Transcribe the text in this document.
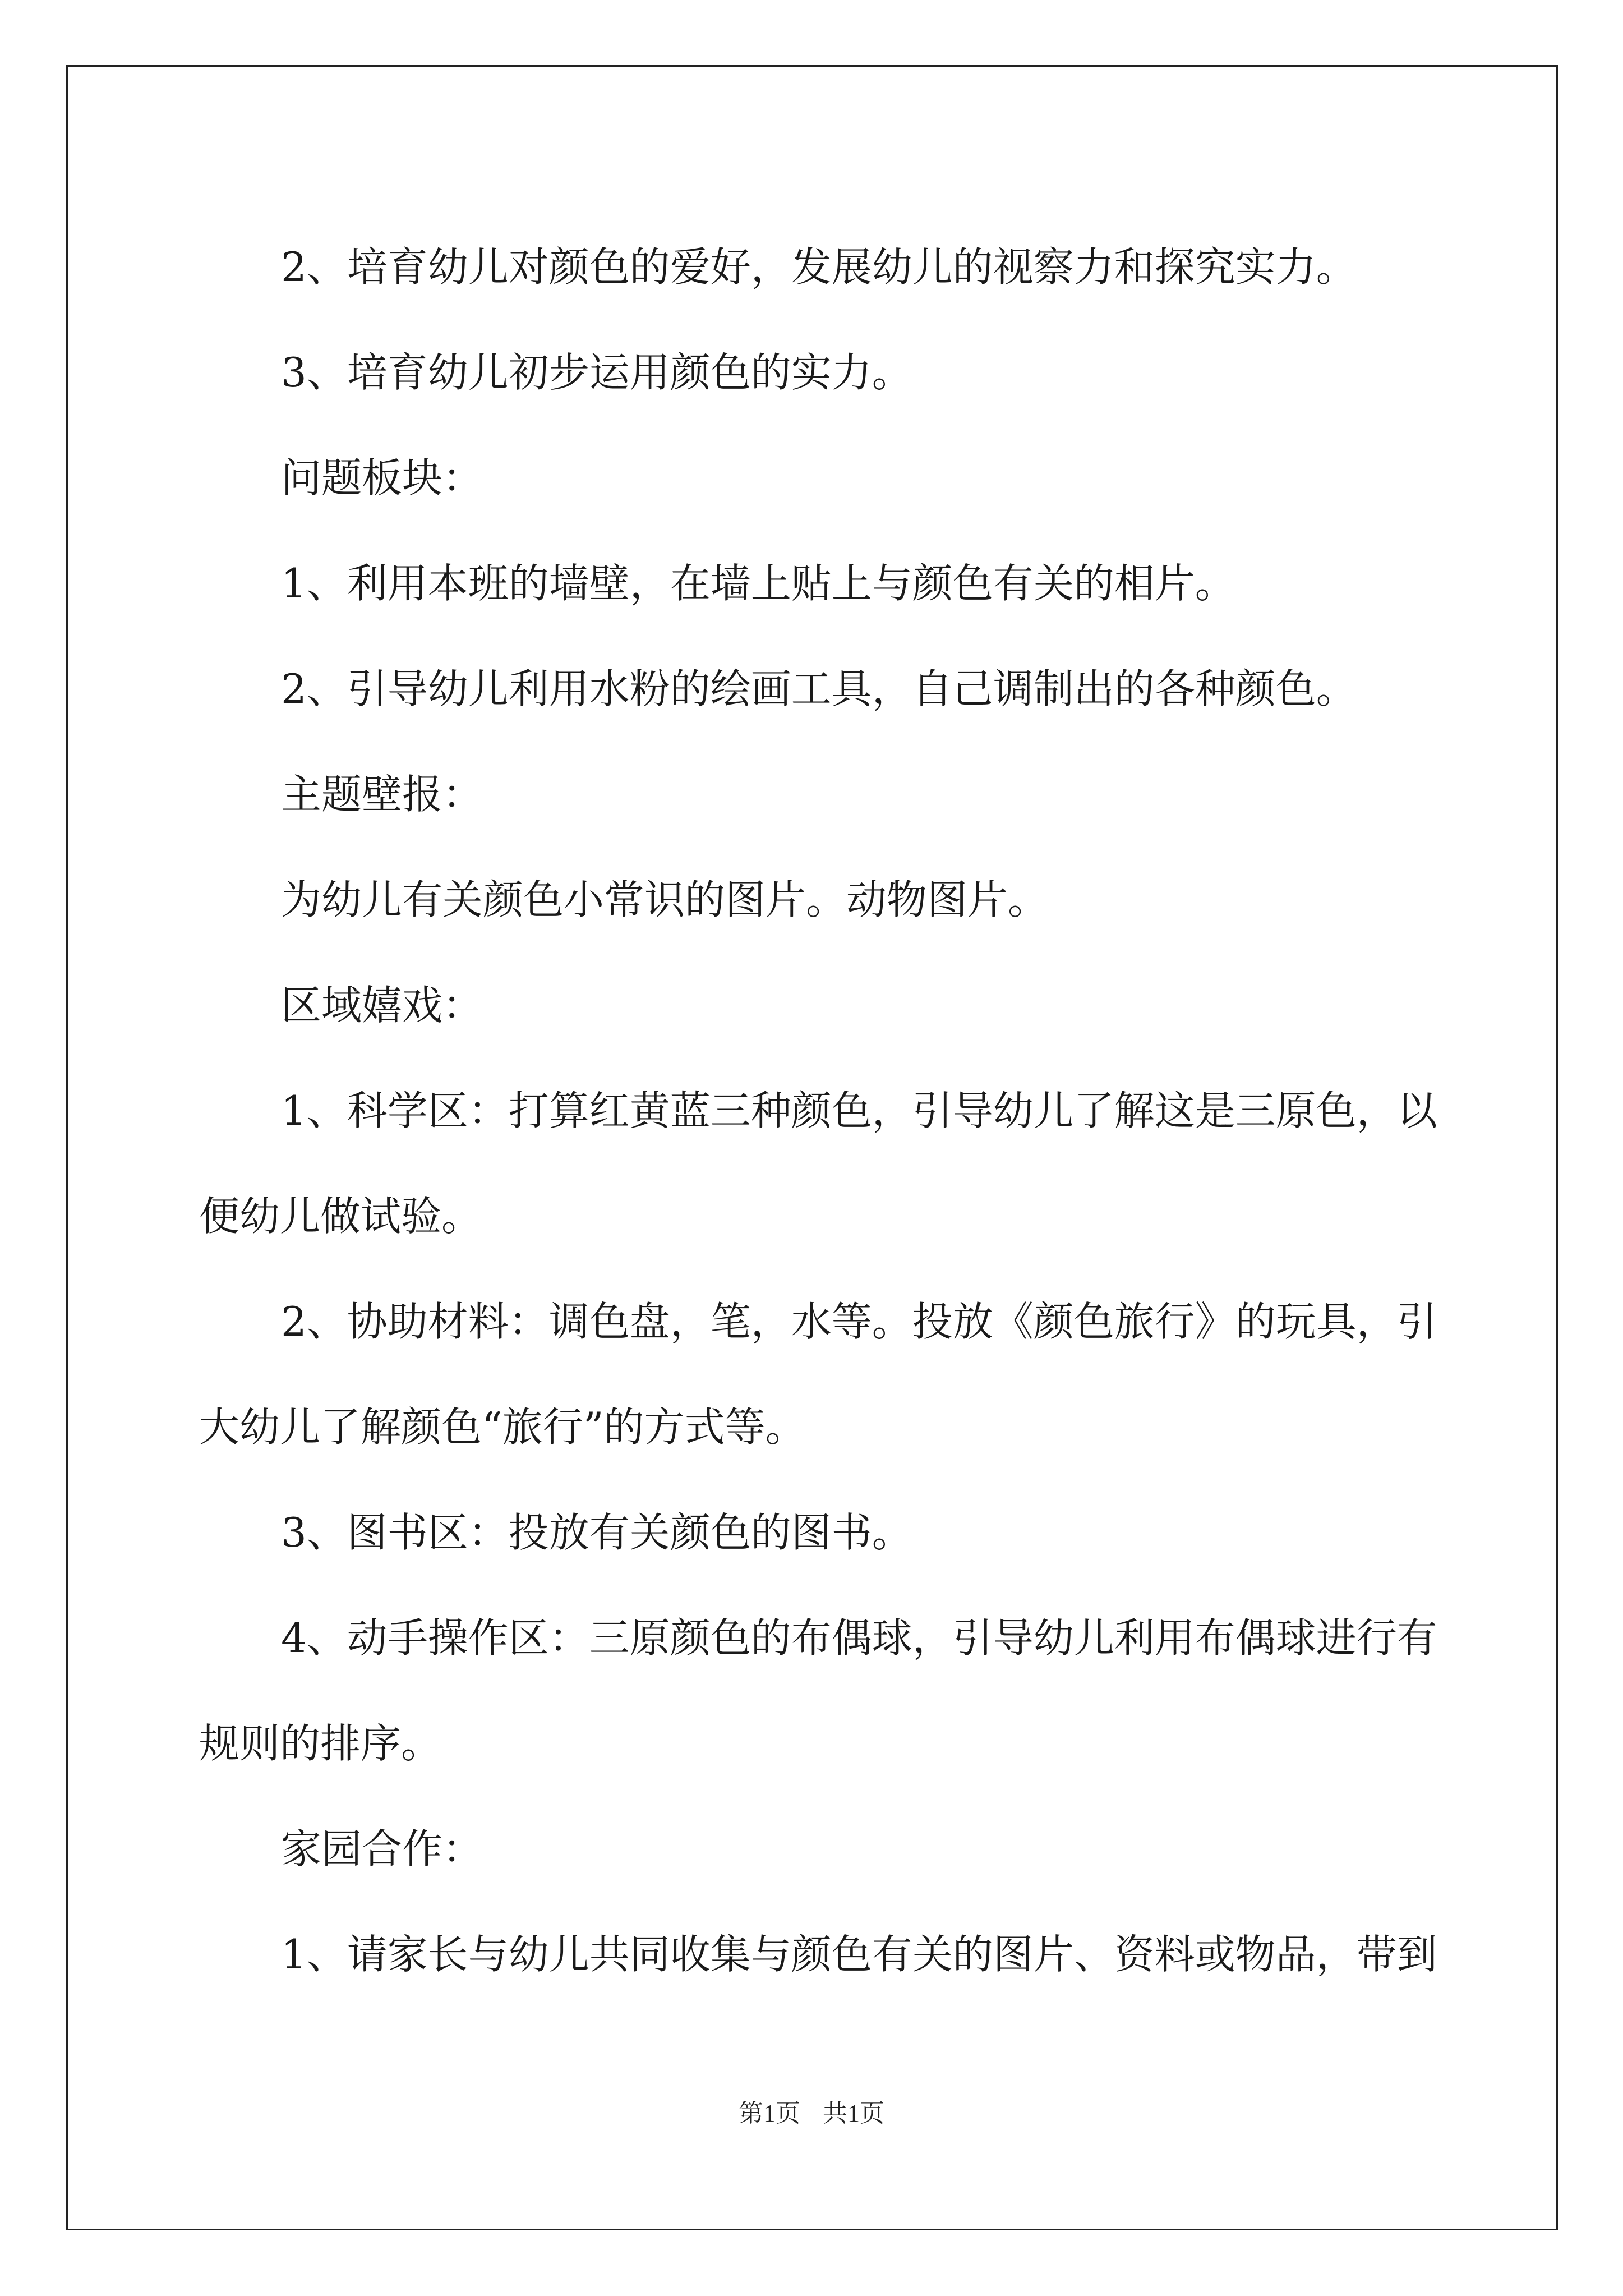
2、培育幼儿对颜色的爱好，发展幼儿的视察力和探究实力。

3、培育幼儿初步运用颜色的实力。

问题板块：

1、利用本班的墙壁，在墙上贴上与颜色有关的相片。

2、引导幼儿利用水粉的绘画工具，自己调制出的各种颜色。

主题壁报：

为幼儿有关颜色小常识的图片。动物图片。

区域嬉戏：

1、科学区：打算红黄蓝三种颜色，引导幼儿了解这是三原色，以

便幼儿做试验。

2、协助材料：调色盘，笔，水等。投放《颜色旅行》的玩具，引

大幼儿了解颜色“旅行”的方式等。

3、图书区：投放有关颜色的图书。

4、动手操作区：三原颜色的布偶球，引导幼儿利用布偶球进行有

规则的排序。

家园合作：

1、请家长与幼儿共同收集与颜色有关的图片、资料或物品，带到

第1页 共1页
